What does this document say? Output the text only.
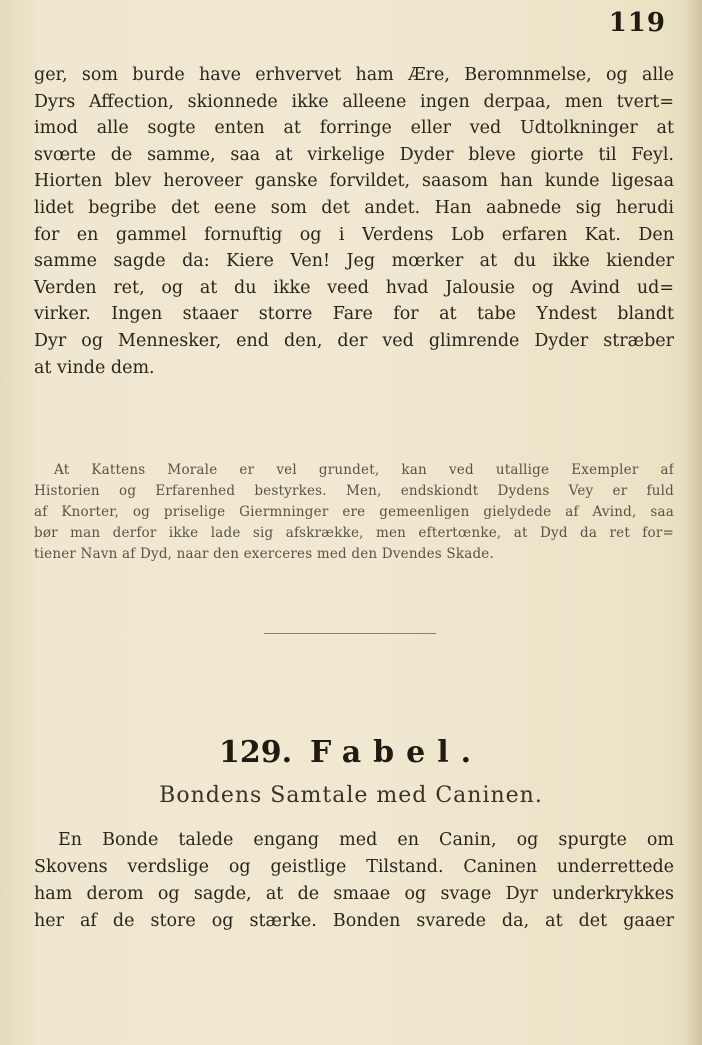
119
ger, som burde have erhvervet ham Ære, Beromnmelse, og alle
Dyrs Affection, skionnede ikke alleene ingen derpaa, men tvert=
imod alle sogte enten at forringe eller ved Udtolkninger at
svœrte de samme, saa at virkelige Dyder bleve giorte til Feyl.
Hiorten blev heroveer ganske forvildet, saasom han kunde ligesaa
lidet begribe det eene som det andet. Han aabnede sig herudi
for en gammel fornuftig og i Verdens Lob erfaren Kat. Den
samme sagde da: Kiere Ven! Jeg mœrker at du ikke kiender
Verden ret, og at du ikke veed hvad Jalousie og Avind ud=
virker. Ingen staaer storre Fare for at tabe Yndest blandt
Dyr og Mennesker, end den, der ved glimrende Dyder stræber
at vinde dem.
At Kattens Morale er vel grundet, kan ved utallige Exempler af
Historien og Erfarenhed bestyrkes. Men, endskiondt Dydens Vey er fuld
af Knorter, og priselige Giermninger ere gemeenligen gielydede af Avind, saa
bør man derfor ikke lade sig afskrække, men eftertœnke, at Dyd da ret for=
tiener Navn af Dyd, naar den exerceres med den Dvendes Skade.
129. Fabel.
Bondens Samtale med Caninen.
En Bonde talede engang med en Canin, og spurgte om
Skovens verdslige og geistlige Tilstand. Caninen underrettede
ham derom og sagde, at de smaae og svage Dyr underkrykkes
her af de store og stærke. Bonden svarede da, at det gaaer
